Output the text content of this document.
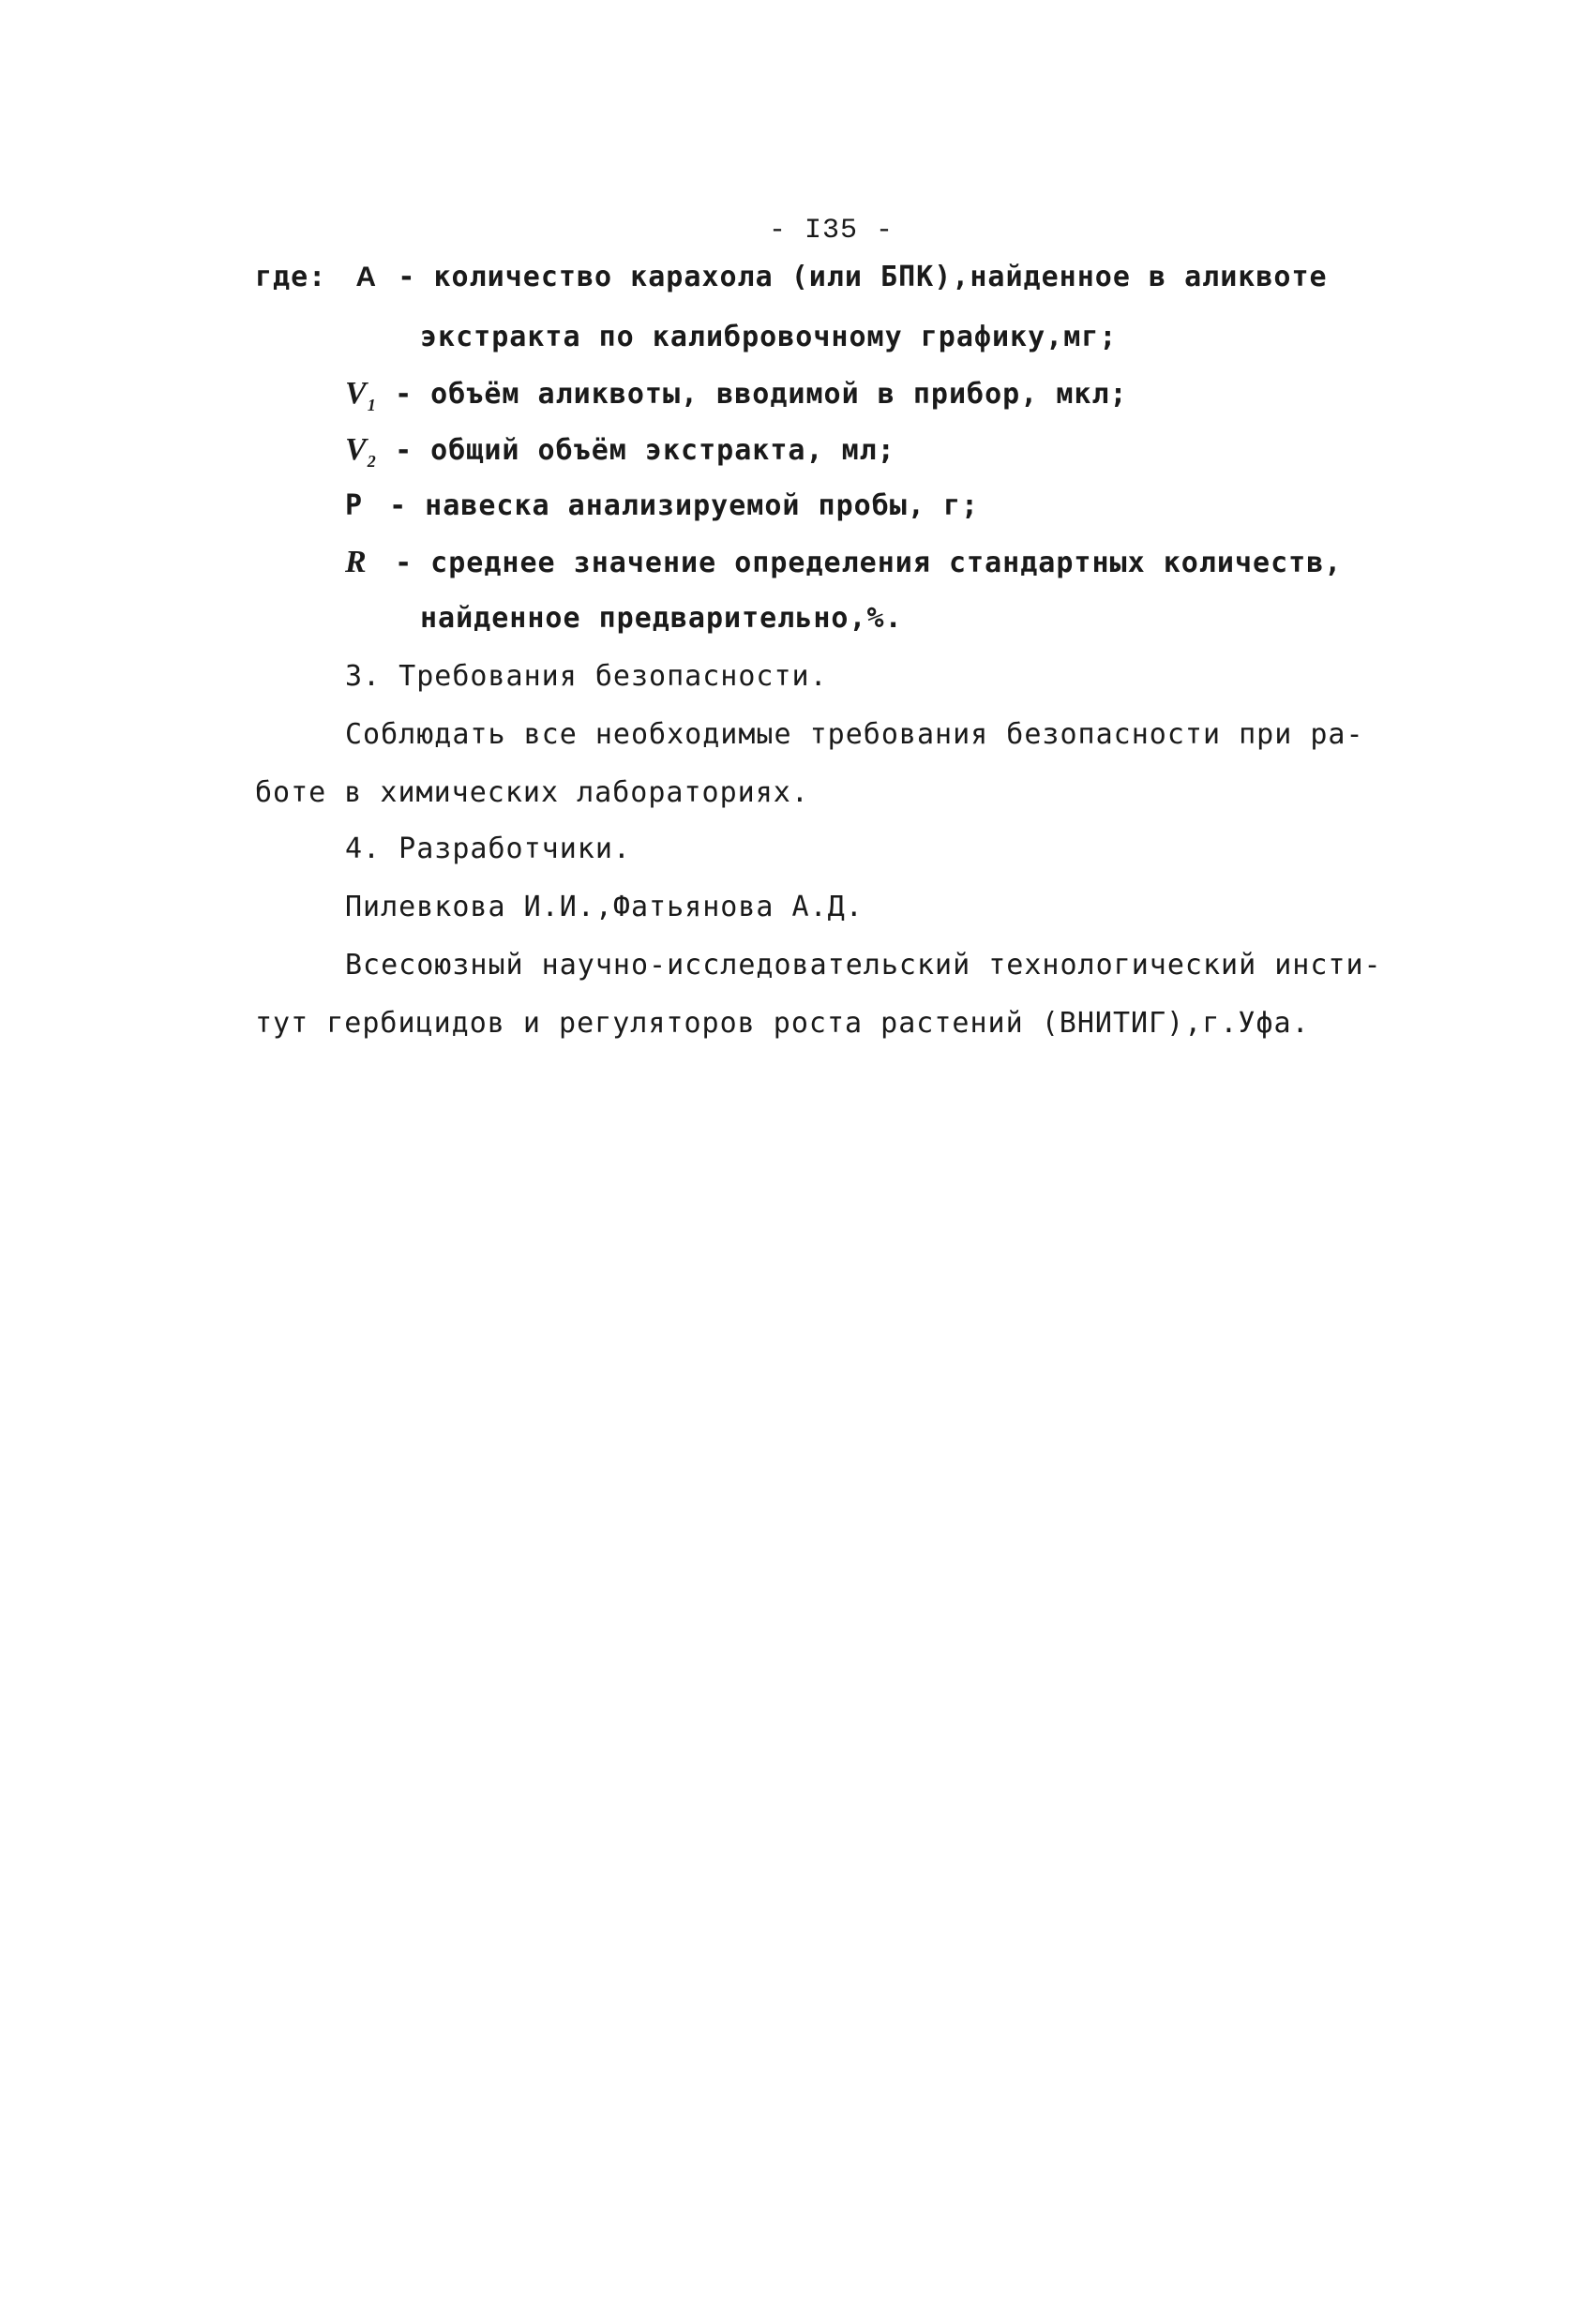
- I35 -
где: A - количество карахола (или БПК),найденное в аликвоте
экстракта по калибровочному графику,мг;
$V_1$ - объём аликвоты, вводимой в прибор, мкл;
$V_2$ - общий объём экстракта, мл;
P - навеска анализируемой пробы, г;
R - среднее значение определения стандартных количеств,
найденное предварительно,%.
3. Требования безопасности.
Соблюдать все необходимые требования безопасности при ра-
боте в химических лабораториях.
4. Разработчики.
Пилевкова И.И.,Фатьянова А.Д.
Всесоюзный научно-исследовательский технологический инсти-
тут гербицидов и регуляторов роста растений (ВНИТИГ),г.Уфа.
